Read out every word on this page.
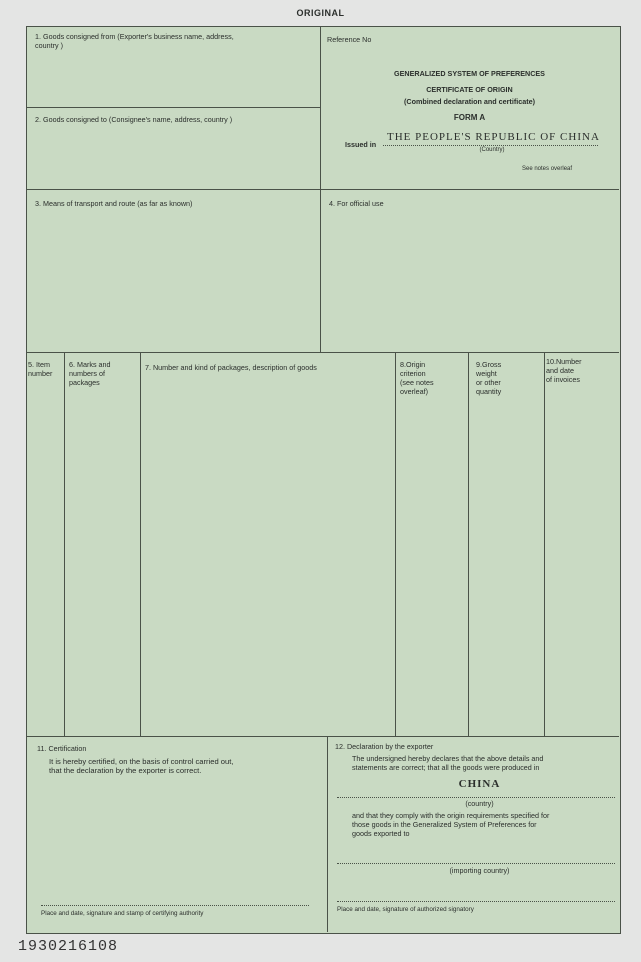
ORIGINAL
1. Goods consigned from (Exporter's business name, address,
country )
2. Goods consigned to (Consignee's name, address, country )
Reference No
GENERALIZED SYSTEM OF PREFERENCES
CERTIFICATE OF ORIGIN
(Combined declaration and certificate)
FORM A
Issued in
THE PEOPLE'S REPUBLIC OF CHINA
(Country)
See notes overleaf
3. Means of transport and route (as far as known)	4. For official use
5. Item
number
6. Marks and
numbers of
packages
7. Number and kind of packages, description of goods	8.Origin
criterion
(see notes
overleaf)
9.Gross
weight
or other
quantity
10.Number
and date
of invoices
11. Certification
It is hereby certified, on the basis of control carried out,
that the declaration by the exporter is correct.
Place and date, signature and stamp of certifying authority
12. Declaration by the exporter
The undersigned hereby declares that the above details and
statements are correct; that all the goods were produced in
CHINA
(country)
and that they comply with the origin requirements specified for
those goods in the Generalized System of Preferences for
goods exported to
(importing country)
Place and date, signature of authorized signatory
1930216108
